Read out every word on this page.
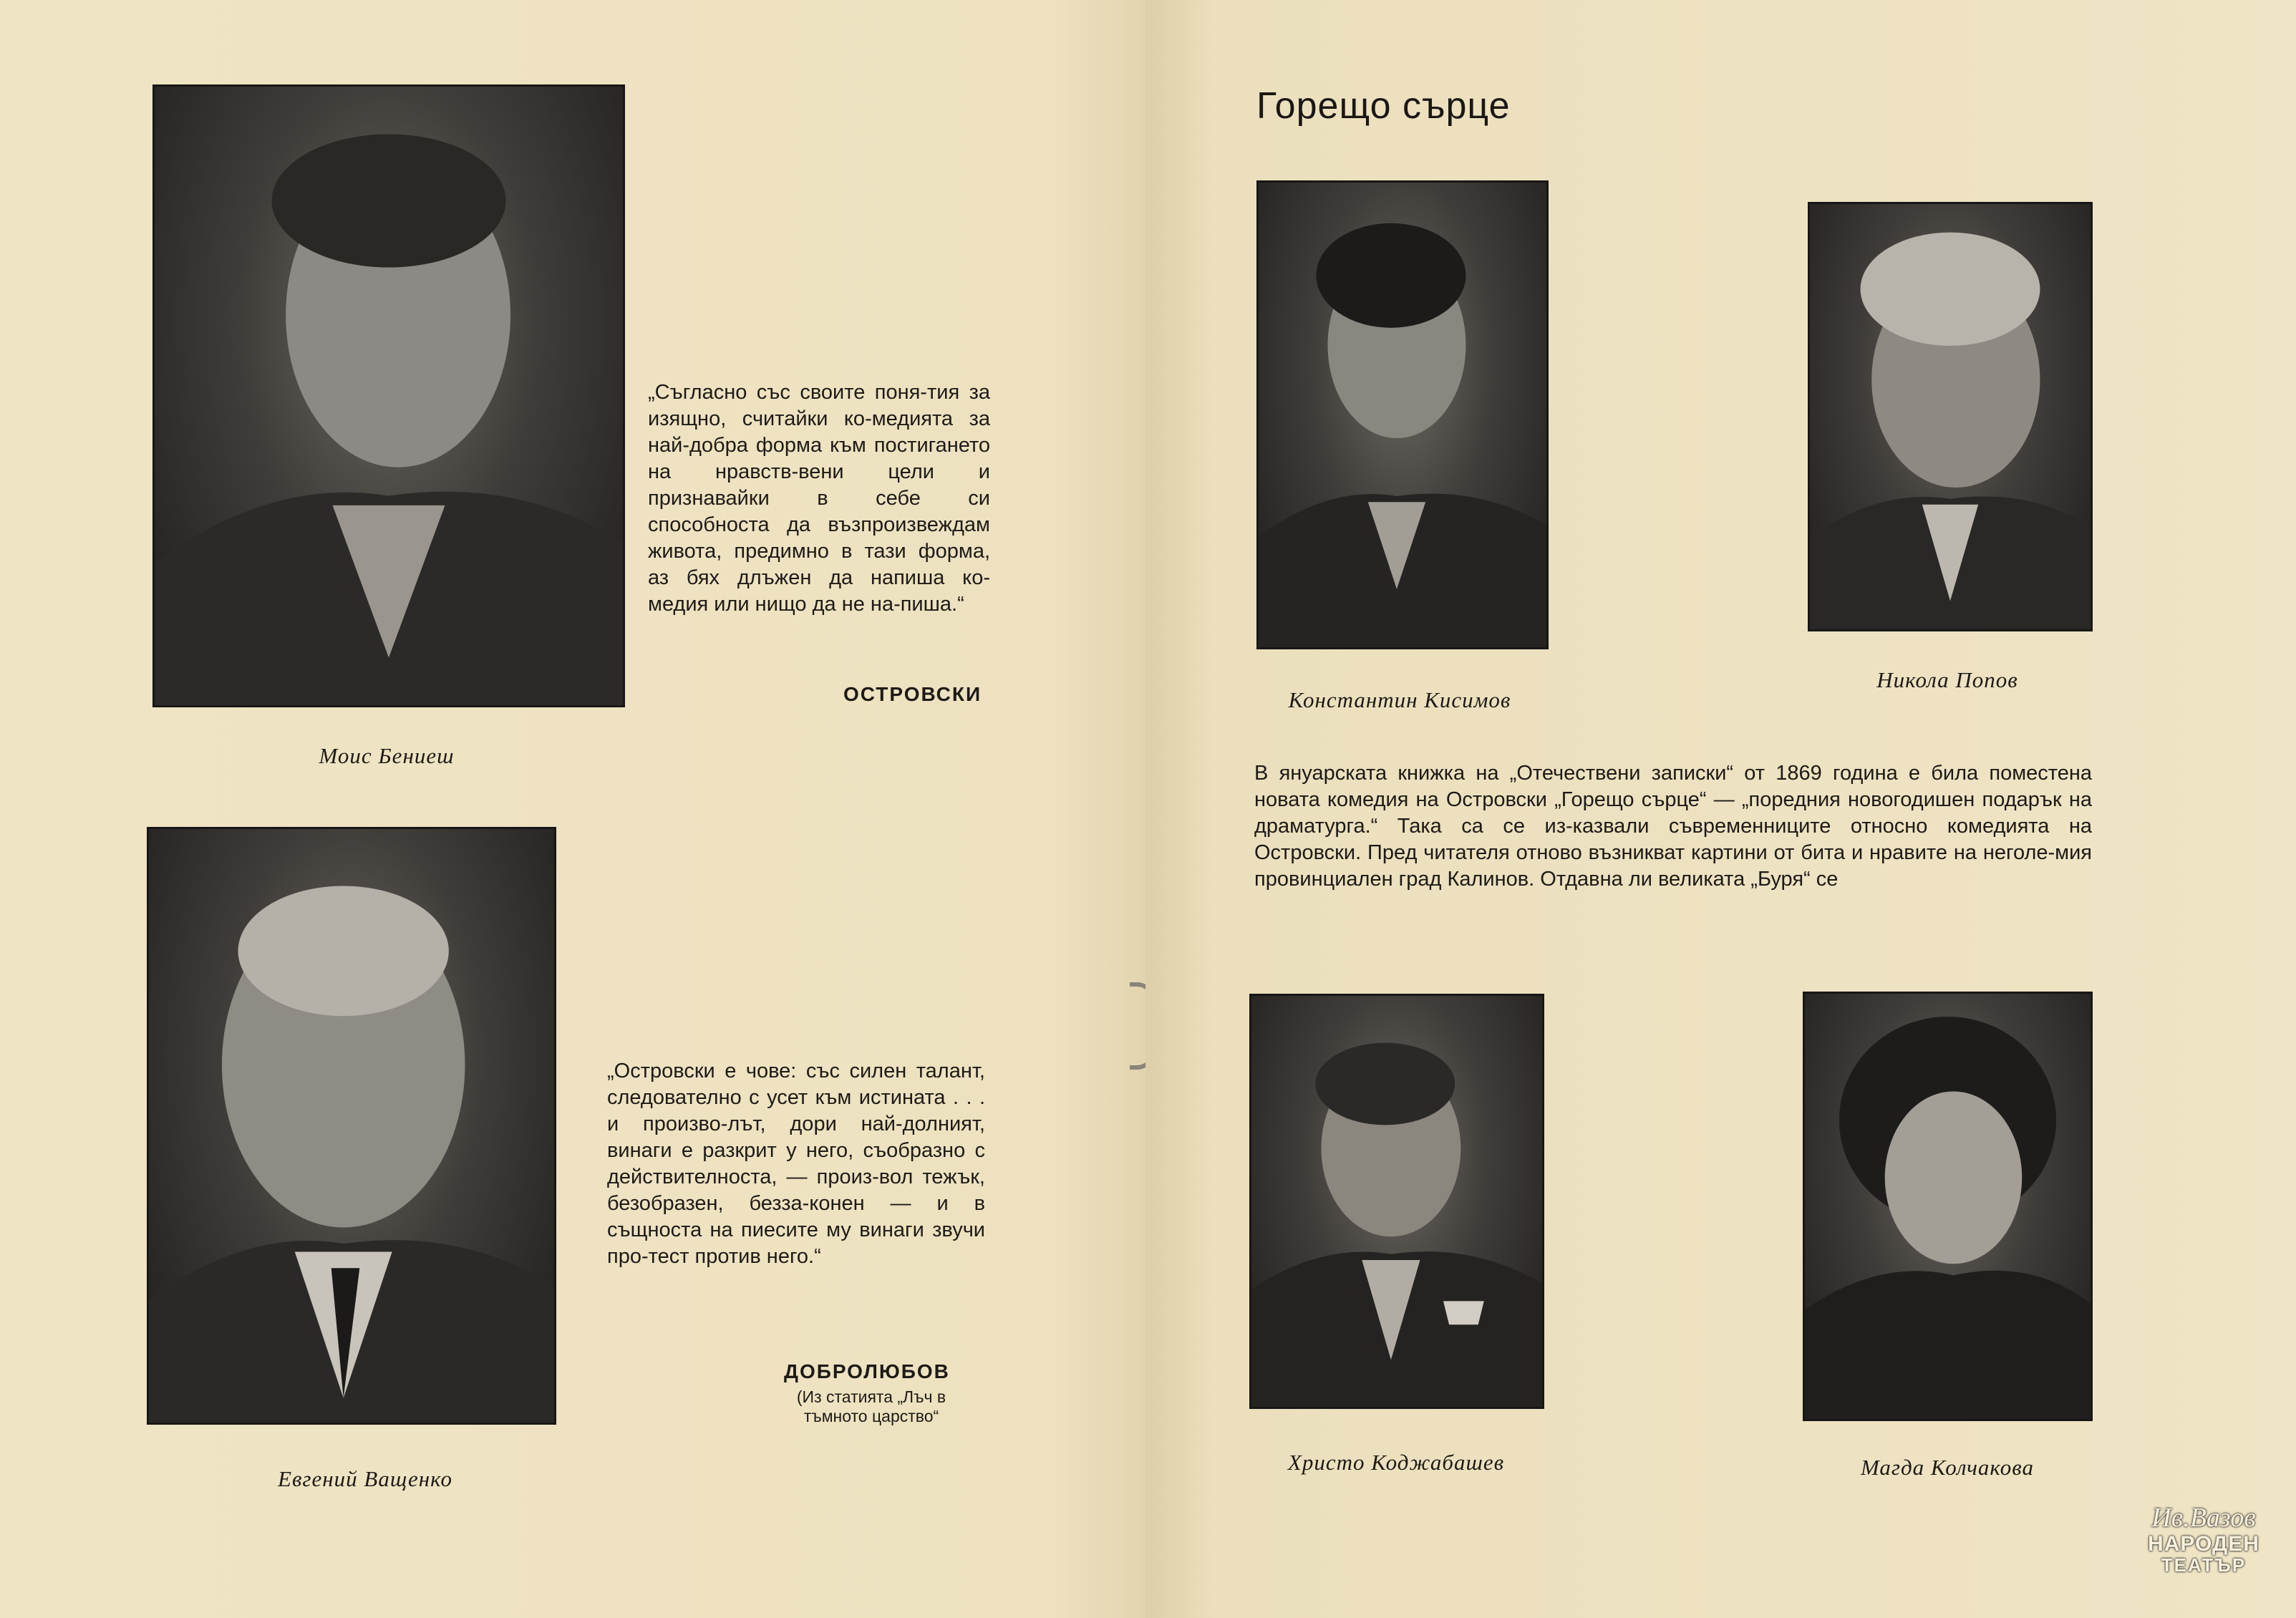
Моис Бениеш
„Съгласно със своите поня-тия за изящно, считайки ко-медията за най-добра форма към постигането на нравств-вени цели и признавайки в себе си способноста да възпроизвеждам живота, предимно в тази форма, аз бях длъжен да напиша ко-медия или нищо да не на-пиша.“
ОСТРОВСКИ
Евгений Ващенко
„Островски е чове: със силен талант, следователно с усет към истината . . . и произво-лът, дори най-долният, винаги е разкрит у него, съобразно с действителноста, — произ-вол тежък, безобразен, безза-конен — и в същноста на пиесите му винаги звучи про-тест против него.“
ДОБРОЛЮБОВ
(Из статията „Лъч в
тъмното царство“
Горещо сърце
Константин Кисимов
Никола Попов
В януарската книжка на „Отечествени записки“ от 1869 година е била поместена новата комедия на Островски „Горещо сърце“ — „поредния новогодишен подарък на драматурга.“ Така са се из-казвали съвременниците относно комедията на Островски. Пред читателя отново възникват картини от бита и нравите на неголе-мия провинциален град Калинов. Отдавна ли великата „Буря“ се
Христо Коджабашев	Магда Колчакова
Ив.Вазов
НАРОДЕН
ТЕАТЪР
